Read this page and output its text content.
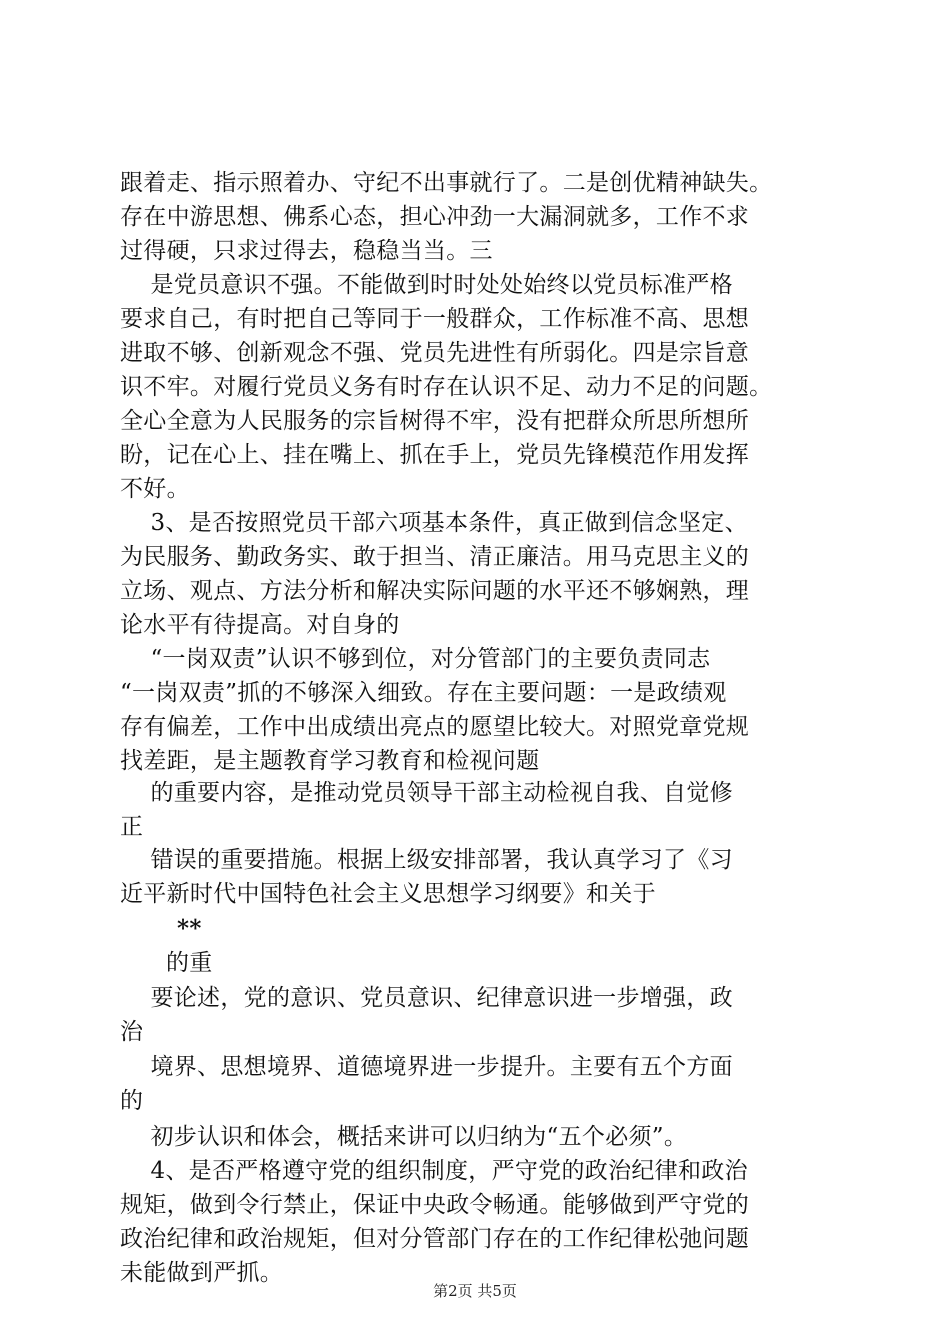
跟着走、指示照着办、守纪不出事就行了。二是创优精神缺失。
存在中游思想、佛系心态，担心冲劲一大漏洞就多，工作不求
过得硬，只求过得去，稳稳当当。三

是党员意识不强。不能做到时时处处始终以党员标准严格
要求自己，有时把自己等同于一般群众，工作标准不高、思想
进取不够、创新观念不强、党员先进性有所弱化。四是宗旨意
识不牢。对履行党员义务有时存在认识不足、动力不足的问题。
全心全意为人民服务的宗旨树得不牢，没有把群众所思所想所
盼，记在心上、挂在嘴上、抓在手上，党员先锋模范作用发挥
不好。

3、是否按照党员干部六项基本条件，真正做到信念坚定、
为民服务、勤政务实、敢于担当、清正廉洁。用马克思主义的
立场、观点、方法分析和解决实际问题的水平还不够娴熟，理
论水平有待提高。对自身的

“一岗双责”认识不够到位，对分管部门的主要负责同志
“一岗双责”抓的不够深入细致。存在主要问题：一是政绩观
存有偏差，工作中出成绩出亮点的愿望比较大。对照党章党规
找差距，是主题教育学习教育和检视问题

的重要内容，是推动党员领导干部主动检视自我、自觉修
正

错误的重要措施。根据上级安排部署，我认真学习了《习
近平新时代中国特色社会主义思想学习纲要》和关于

**

的重

要论述，党的意识、党员意识、纪律意识进一步增强，政
治

境界、思想境界、道德境界进一步提升。主要有五个方面
的

初步认识和体会，概括来讲可以归纳为“五个必须”。

4、是否严格遵守党的组织制度，严守党的政治纪律和政治
规矩，做到令行禁止，保证中央政令畅通。能够做到严守党的
政治纪律和政治规矩，但对分管部门存在的工作纪律松弛问题
未能做到严抓。

第2页 共5页
